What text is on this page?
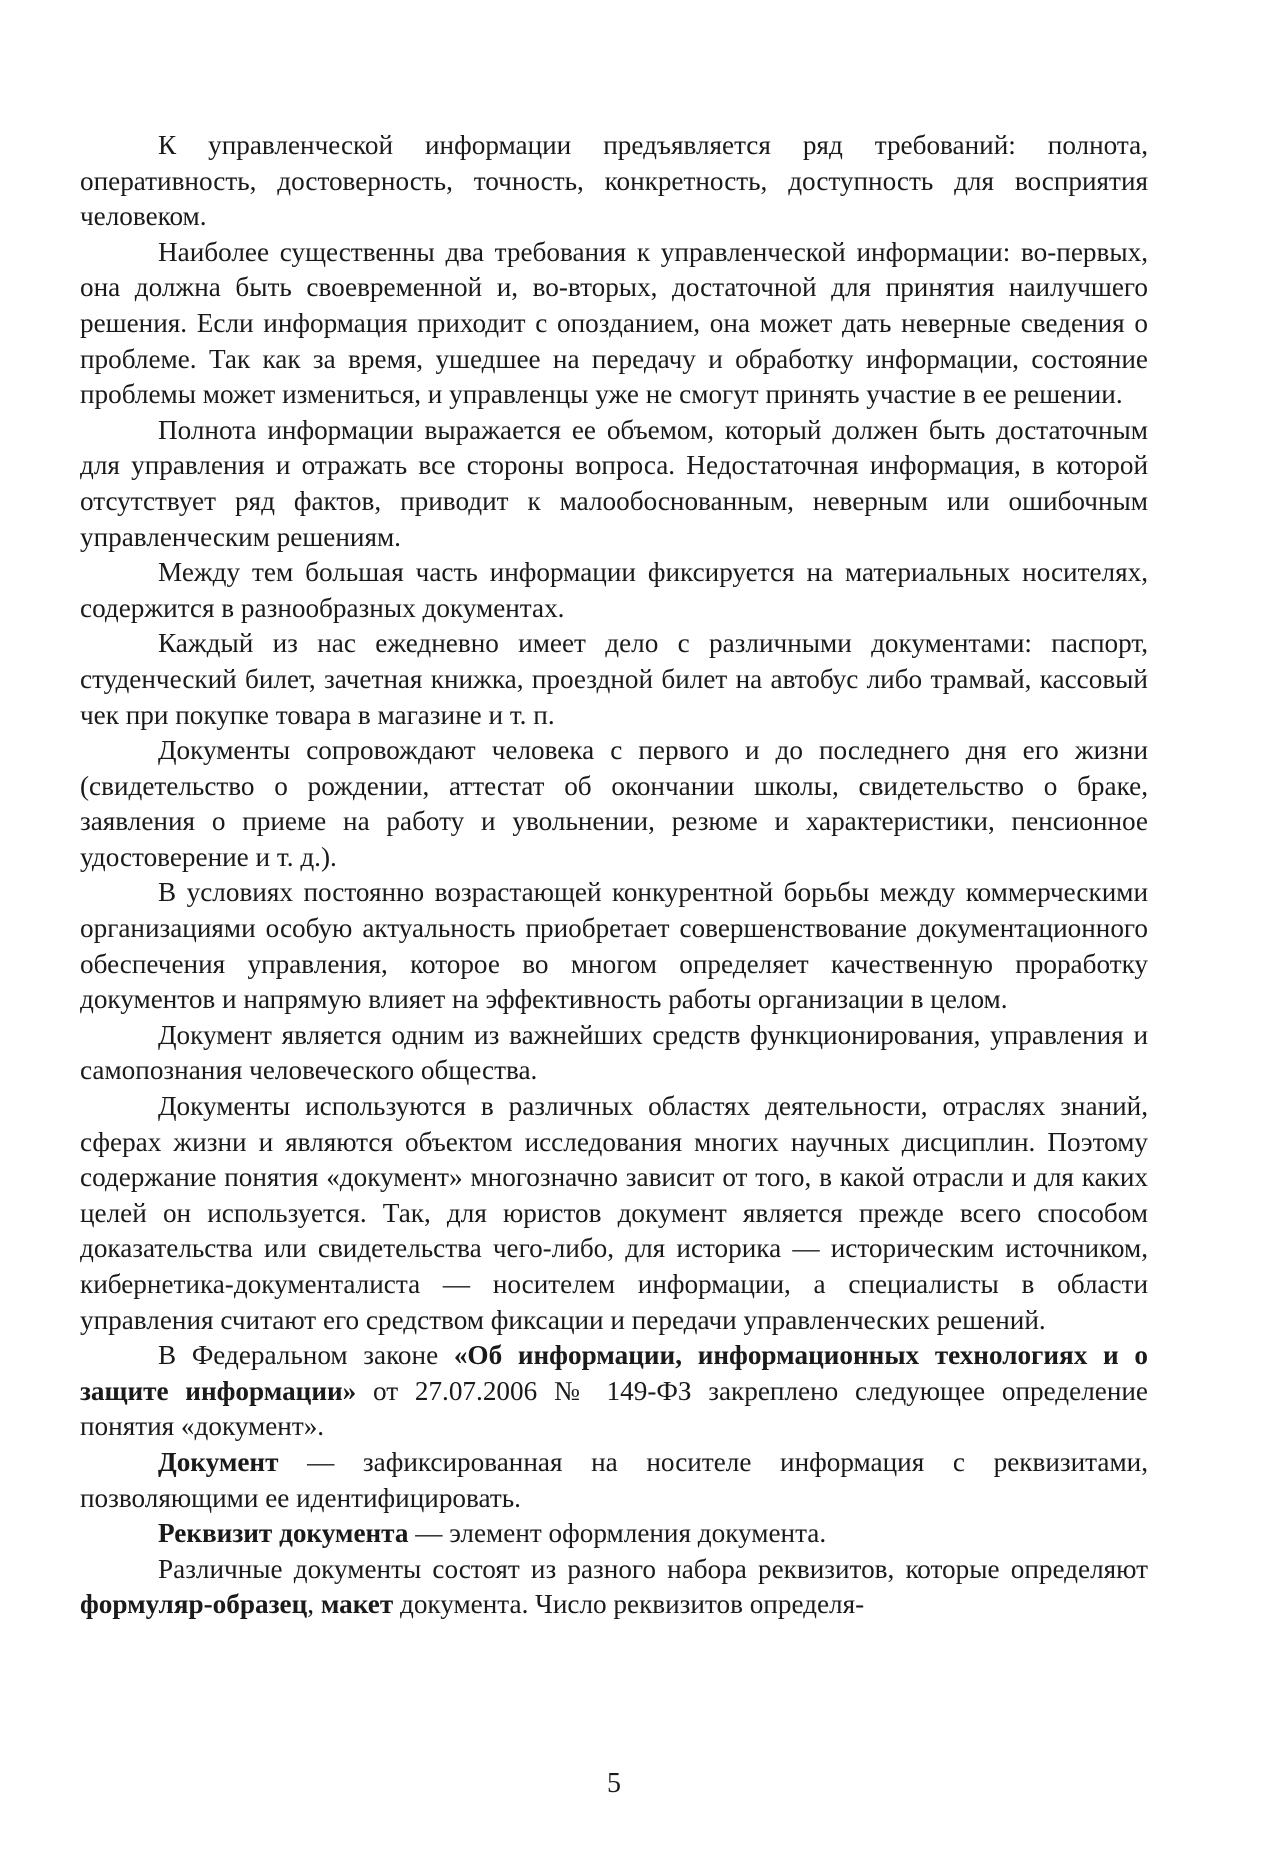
К управленческой информации предъявляется ряд требований: полнота, оперативность, достоверность, точность, конкретность, доступность для восприятия человеком.

Наиболее существенны два требования к управленческой информации: во-первых, она должна быть своевременной и, во-вторых, достаточной для принятия наилучшего решения. Если информация приходит с опозданием, она может дать неверные сведения о проблеме. Так как за время, ушедшее на передачу и обработку информации, состояние проблемы может измениться, и управленцы уже не смогут принять участие в ее решении.

Полнота информации выражается ее объемом, который должен быть достаточным для управления и отражать все стороны вопроса. Недостаточная информация, в которой отсутствует ряд фактов, приводит к малообоснованным, неверным или ошибочным управленческим решениям.

Между тем большая часть информации фиксируется на материальных носителях, содержится в разнообразных документах.

Каждый из нас ежедневно имеет дело с различными документами: паспорт, студенческий билет, зачетная книжка, проездной билет на автобус либо трамвай, кассовый чек при покупке товара в магазине и т. п.

Документы сопровождают человека с первого и до последнего дня его жизни (свидетельство о рождении, аттестат об окончании школы, свидетельство о браке, заявления о приеме на работу и увольнении, резюме и характеристики, пенсионное удостоверение и т. д.).

В условиях постоянно возрастающей конкурентной борьбы между коммерческими организациями особую актуальность приобретает совершенствование документационного обеспечения управления, которое во многом определяет качественную проработку документов и напрямую влияет на эффективность работы организации в целом.

Документ является одним из важнейших средств функционирования, управления и самопознания человеческого общества.

Документы используются в различных областях деятельности, отраслях знаний, сферах жизни и являются объектом исследования многих научных дисциплин. Поэтому содержание понятия «документ» многозначно зависит от того, в какой отрасли и для каких целей он используется. Так, для юристов документ является прежде всего способом доказательства или свидетельства чего-либо, для историка — историческим источником, кибернетика-документалиста — носителем информации, а специалисты в области управления считают его средством фиксации и передачи управленческих решений.

В Федеральном законе «Об информации, информационных технологиях и о защите информации» от 27.07.2006 № 149-ФЗ закреплено следующее определение понятия «документ».

Документ — зафиксированная на носителе информация с реквизитами, позволяющими ее идентифицировать.

Реквизит документа — элемент оформления документа.

Различные документы состоят из разного набора реквизитов, которые определяют формуляр-образец, макет документа. Число реквизитов определя-

5
